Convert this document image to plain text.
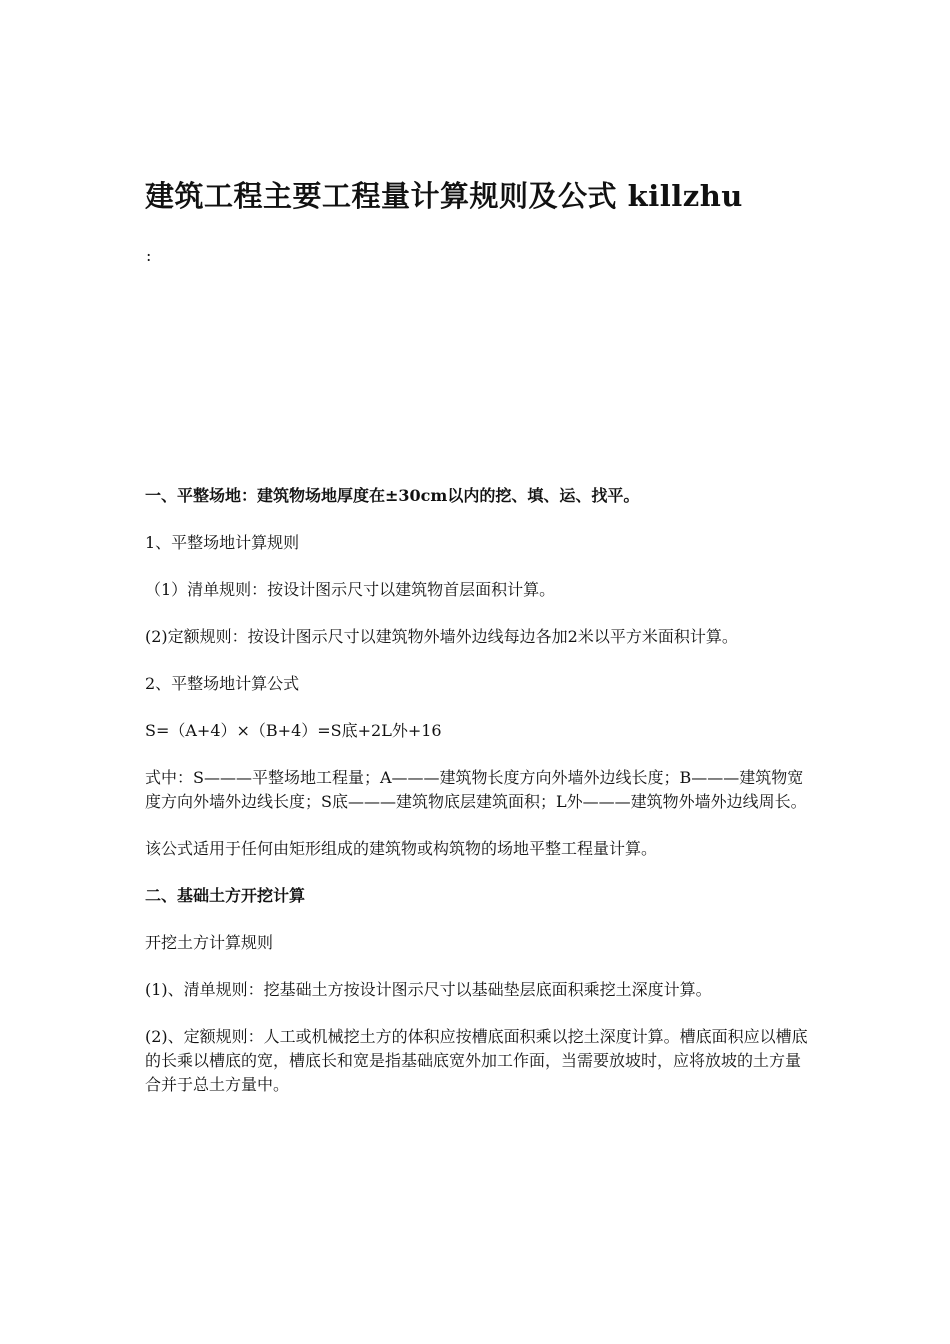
建筑工程主要工程量计算规则及公式 killzhu
:

一、平整场地：建筑物场地厚度在±30cm以内的挖、填、运、找平。

1、平整场地计算规则

（1）清单规则：按设计图示尺寸以建筑物首层面积计算。

(2)定额规则：按设计图示尺寸以建筑物外墙外边线每边各加2米以平方米面积计算。

2、平整场地计算公式

S=（A+4）×（B+4）=S底+2L外+16

式中：S———平整场地工程量；A———建筑物长度方向外墙外边线长度；B———建筑物宽度方向外墙外边线长度；S底———建筑物底层建筑面积；L外———建筑物外墙外边线周长。

该公式适用于任何由矩形组成的建筑物或构筑物的场地平整工程量计算。

二、基础土方开挖计算

开挖土方计算规则

(1)、清单规则：挖基础土方按设计图示尺寸以基础垫层底面积乘挖土深度计算。

(2)、定额规则：人工或机械挖土方的体积应按槽底面积乘以挖土深度计算。槽底面积应以槽底的长乘以槽底的宽，槽底长和宽是指基础底宽外加工作面，当需要放坡时，应将放坡的土方量合并于总土方量中。
